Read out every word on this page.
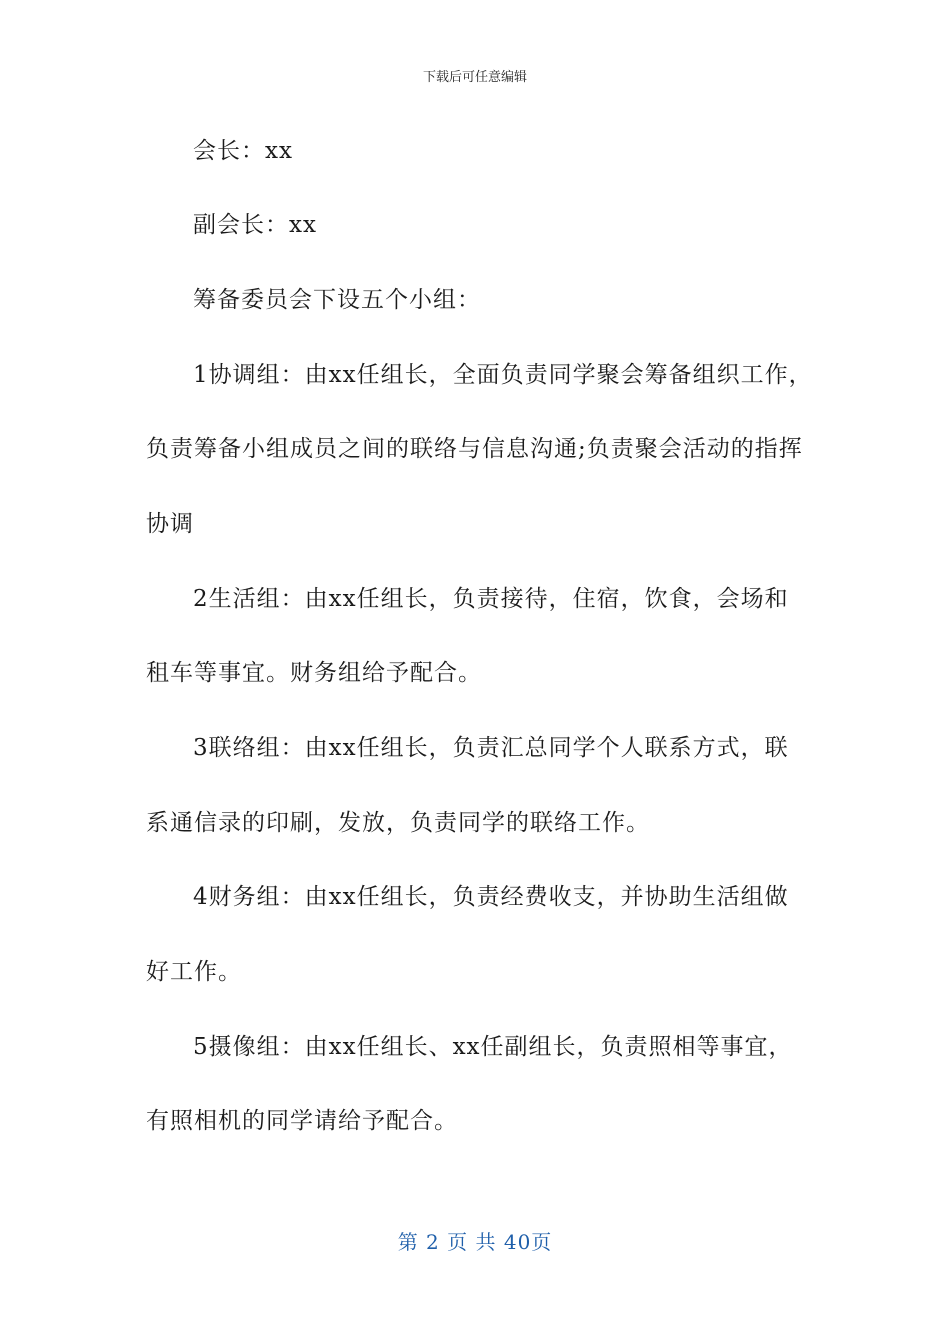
下载后可任意编辑
会长：xx
副会长：xx
筹备委员会下设五个小组：
1协调组：由xx任组长，全面负责同学聚会筹备组织工作，
负责筹备小组成员之间的联络与信息沟通;负责聚会活动的指挥
协调
2生活组：由xx任组长，负责接待，住宿，饮食，会场和
租车等事宜。财务组给予配合。
3联络组：由xx任组长，负责汇总同学个人联系方式，联
系通信录的印刷，发放，负责同学的联络工作。
4财务组：由xx任组长，负责经费收支，并协助生活组做
好工作。
5摄像组：由xx任组长、xx任副组长，负责照相等事宜，
有照相机的同学请给予配合。
第 2 页 共 40页
